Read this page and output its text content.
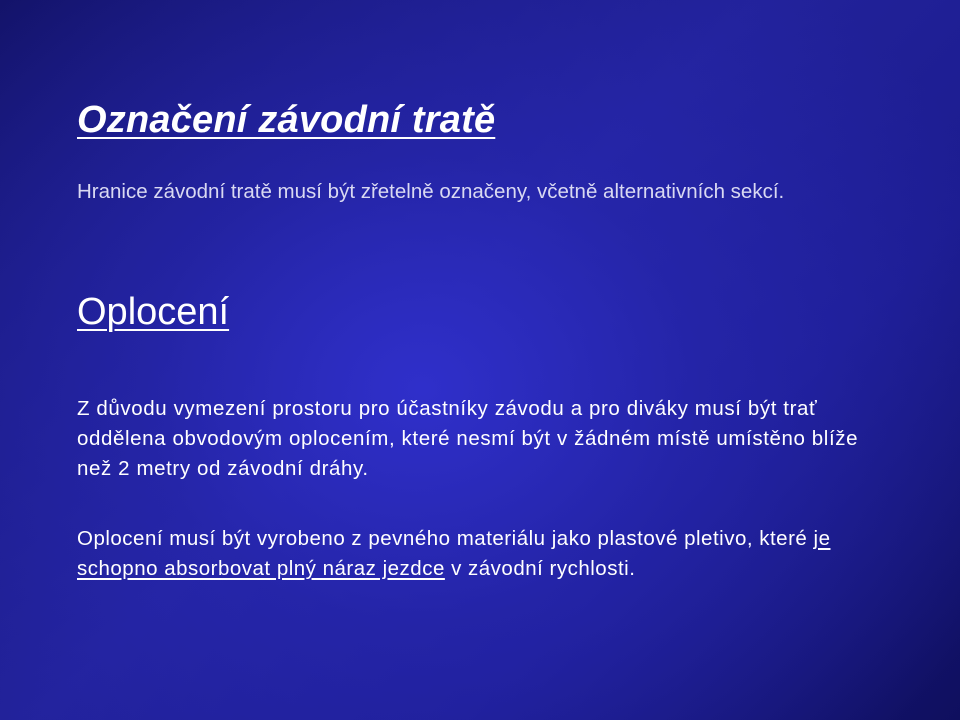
Označení závodní tratě

Hranice závodní tratě musí být zřetelně označeny, včetně alternativních sekcí.

Oplocení

Z důvodu vymezení prostoru pro účastníky závodu a pro diváky musí být trať oddělena obvodovým oplocením, které nesmí být v žádném místě umístěno blíže než 2 metry od závodní dráhy.

Oplocení musí být vyrobeno z pevného materiálu jako plastové pletivo, které je schopno absorbovat plný náraz jezdce v závodní rychlosti.
